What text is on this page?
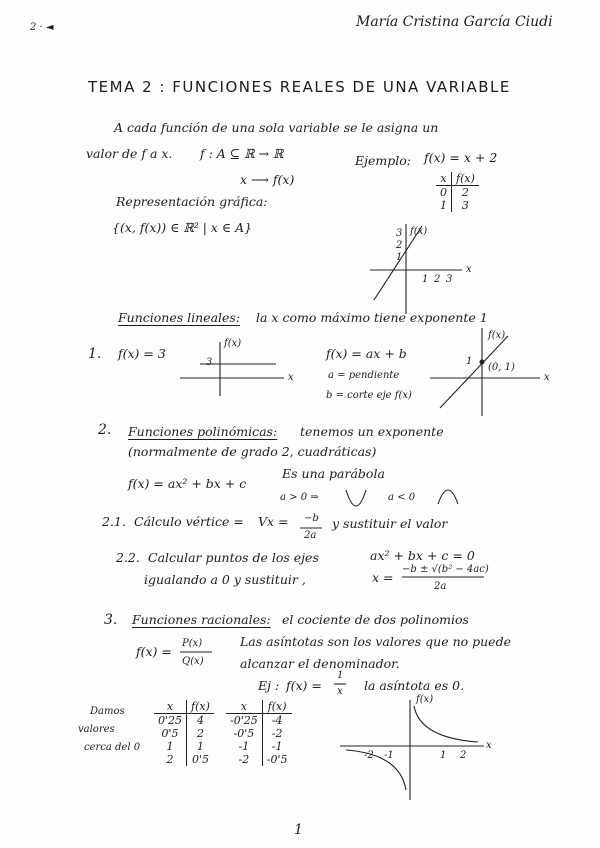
2 · ◄	María Cristina García Ciudi
TEMA 2 : FUNCIONES REALES DE UNA VARIABLE
A cada función de una sola variable se le asigna un
valor de f a x. f : A ⊆ ℝ → ℝ
x ⟶ f(x)
Ejemplo: f(x) = x + 2
Representación gráfica:
{(x, f(x)) ∈ ℝ² | x ∈ A}
x	f(x)
0	2
1	3
f(x)
x
3
2
1
1 2 3
Funciones lineales: la x como máximo tiene exponente 1
f(x)
1. f(x) = 3
3
f(x)
x
f(x) = ax + b
a = pendiente
b = corte eje f(x)
1
(0, 1)
x
2. Funciones polinómicas: tenemos un exponente
(normalmente de grado 2, cuadráticas)
f(x) = ax² + bx + c
Es una parábola
a > 0 ⇒	a < 0
2.1. Cálculo vértice = Vx = −b
2a
y sustituir el valor
2.2. Calcular puntos de los ejes
igualando a 0 y sustituir ,
ax² + bx + c = 0
x =
−b ± √(b² − 4ac)
2a
3. Funciones racionales: el cociente de dos polinomios
f(x) =
P(x)
Q(x)
Las asíntotas son los valores que no puede
alcanzar el denominador.
Ej : f(x) =
1
x la asíntota es 0.
Damos
valores
cerca del 0
x	f(x)
0'25	4
0'5	2
1	1
2	0'5
x	f(x)
-0'25	-4
-0'5	-2
-1	-1
-2	-0'5
f(x)
x
1 2
-1
-2
1
